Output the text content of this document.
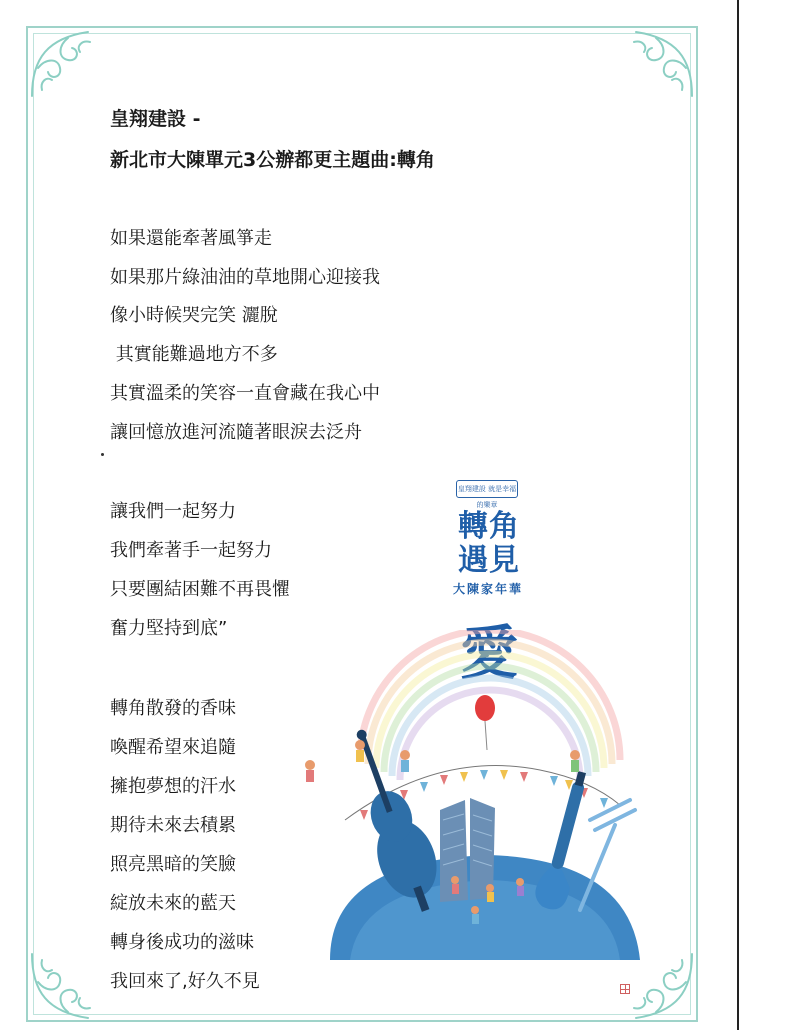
皇翔建設 -
新北市大陳單元3公辦都更主題曲:轉角
如果還能牽著風箏走
如果那片綠油油的草地開心迎接我
像小時候哭完笑 灑脫
其實能難過地方不多
其實溫柔的笑容一直會藏在我心中
讓回憶放進河流隨著眼淚去泛舟
讓我們一起努力
我們牽著手一起努力
只要團結困難不再畏懼
奮力堅持到底”
轉角散發的香味
喚醒希望來追隨
擁抱夢想的汗水
期待未來去積累
照亮黑暗的笑臉
綻放未來的藍天
轉身後成功的滋味
我回來了,好久不見
皇翔建設 就是幸福的樂章
轉角
遇見
大陳家年華
愛
